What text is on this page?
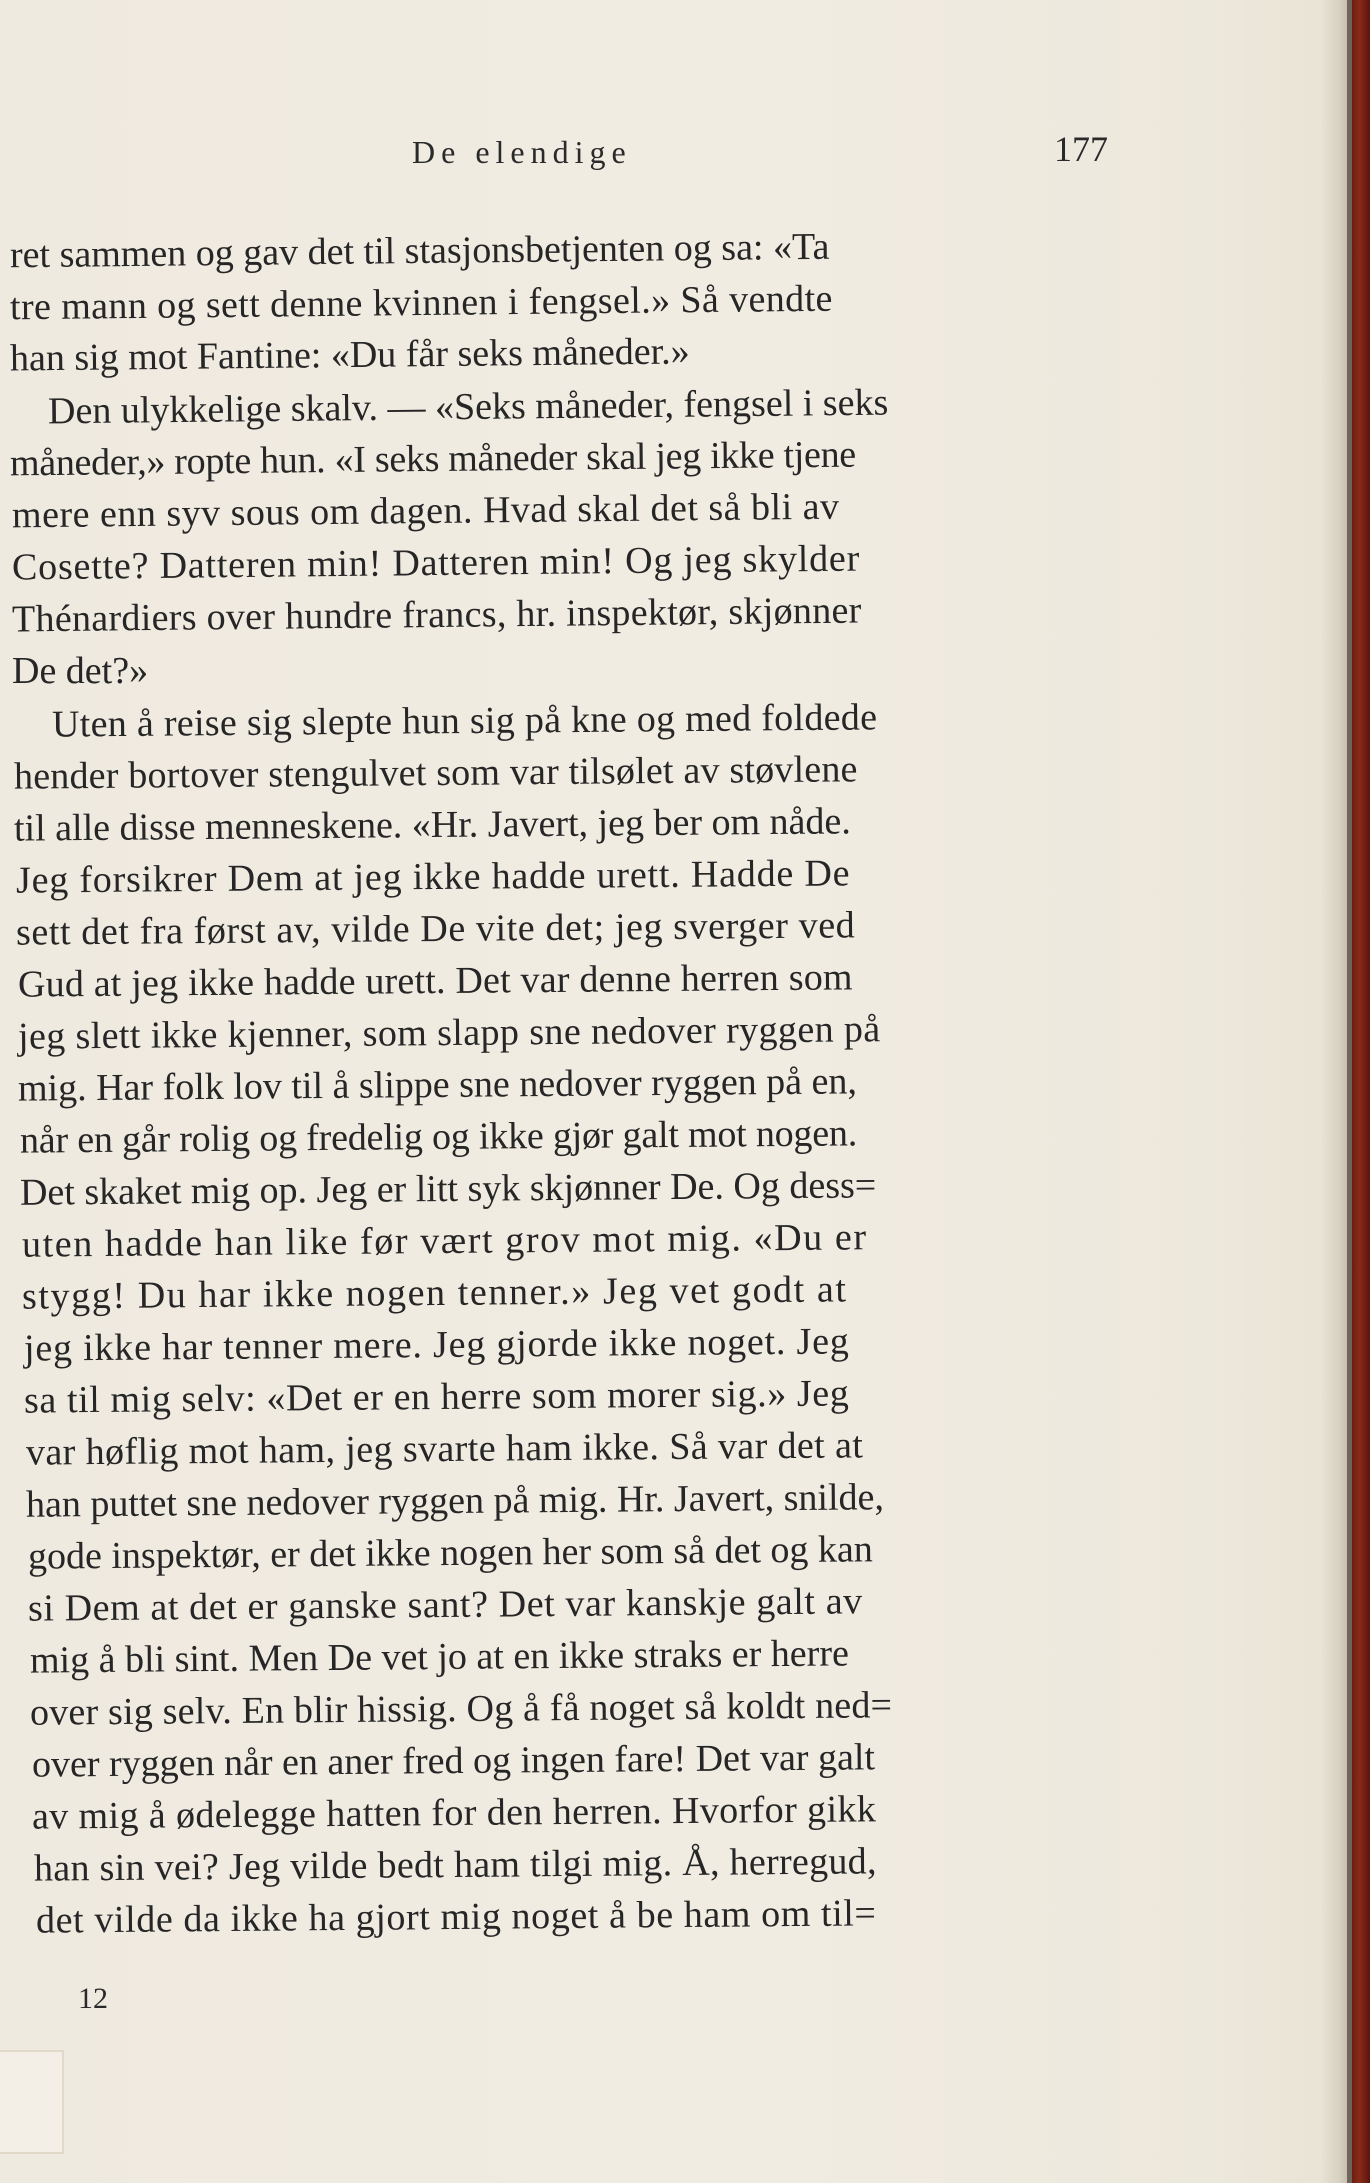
De elendige	177
ret sammen og gav det til stasjonsbetjenten og sa: «Ta
tre mann og sett denne kvinnen i fengsel.» Så vendte
han sig mot Fantine: «Du får seks måneder.»
Den ulykkelige skalv. — «Seks måneder, fengsel i seks
måneder,» ropte hun. «I seks måneder skal jeg ikke tjene
mere enn syv sous om dagen. Hvad skal det så bli av
Cosette? Datteren min! Datteren min! Og jeg skylder
Thénardiers over hundre francs, hr. inspektør, skjønner
De det?»
Uten å reise sig slepte hun sig på kne og med foldede
hender bortover stengulvet som var tilsølet av støvlene
til alle disse menneskene. «Hr. Javert, jeg ber om nåde.
Jeg forsikrer Dem at jeg ikke hadde urett. Hadde De
sett det fra først av, vilde De vite det; jeg sverger ved
Gud at jeg ikke hadde urett. Det var denne herren som
jeg slett ikke kjenner, som slapp sne nedover ryggen på
mig. Har folk lov til å slippe sne nedover ryggen på en,
når en går rolig og fredelig og ikke gjør galt mot nogen.
Det skaket mig op. Jeg er litt syk skjønner De. Og dess=
uten hadde han like før vært grov mot mig. «Du er
stygg! Du har ikke nogen tenner.» Jeg vet godt at
jeg ikke har tenner mere. Jeg gjorde ikke noget. Jeg
sa til mig selv: «Det er en herre som morer sig.» Jeg
var høflig mot ham, jeg svarte ham ikke. Så var det at
han puttet sne nedover ryggen på mig. Hr. Javert, snilde,
gode inspektør, er det ikke nogen her som så det og kan
si Dem at det er ganske sant? Det var kanskje galt av
mig å bli sint. Men De vet jo at en ikke straks er herre
over sig selv. En blir hissig. Og å få noget så koldt ned=
over ryggen når en aner fred og ingen fare! Det var galt
av mig å ødelegge hatten for den herren. Hvorfor gikk
han sin vei? Jeg vilde bedt ham tilgi mig. Å, herregud,
det vilde da ikke ha gjort mig noget å be ham om til=
12
